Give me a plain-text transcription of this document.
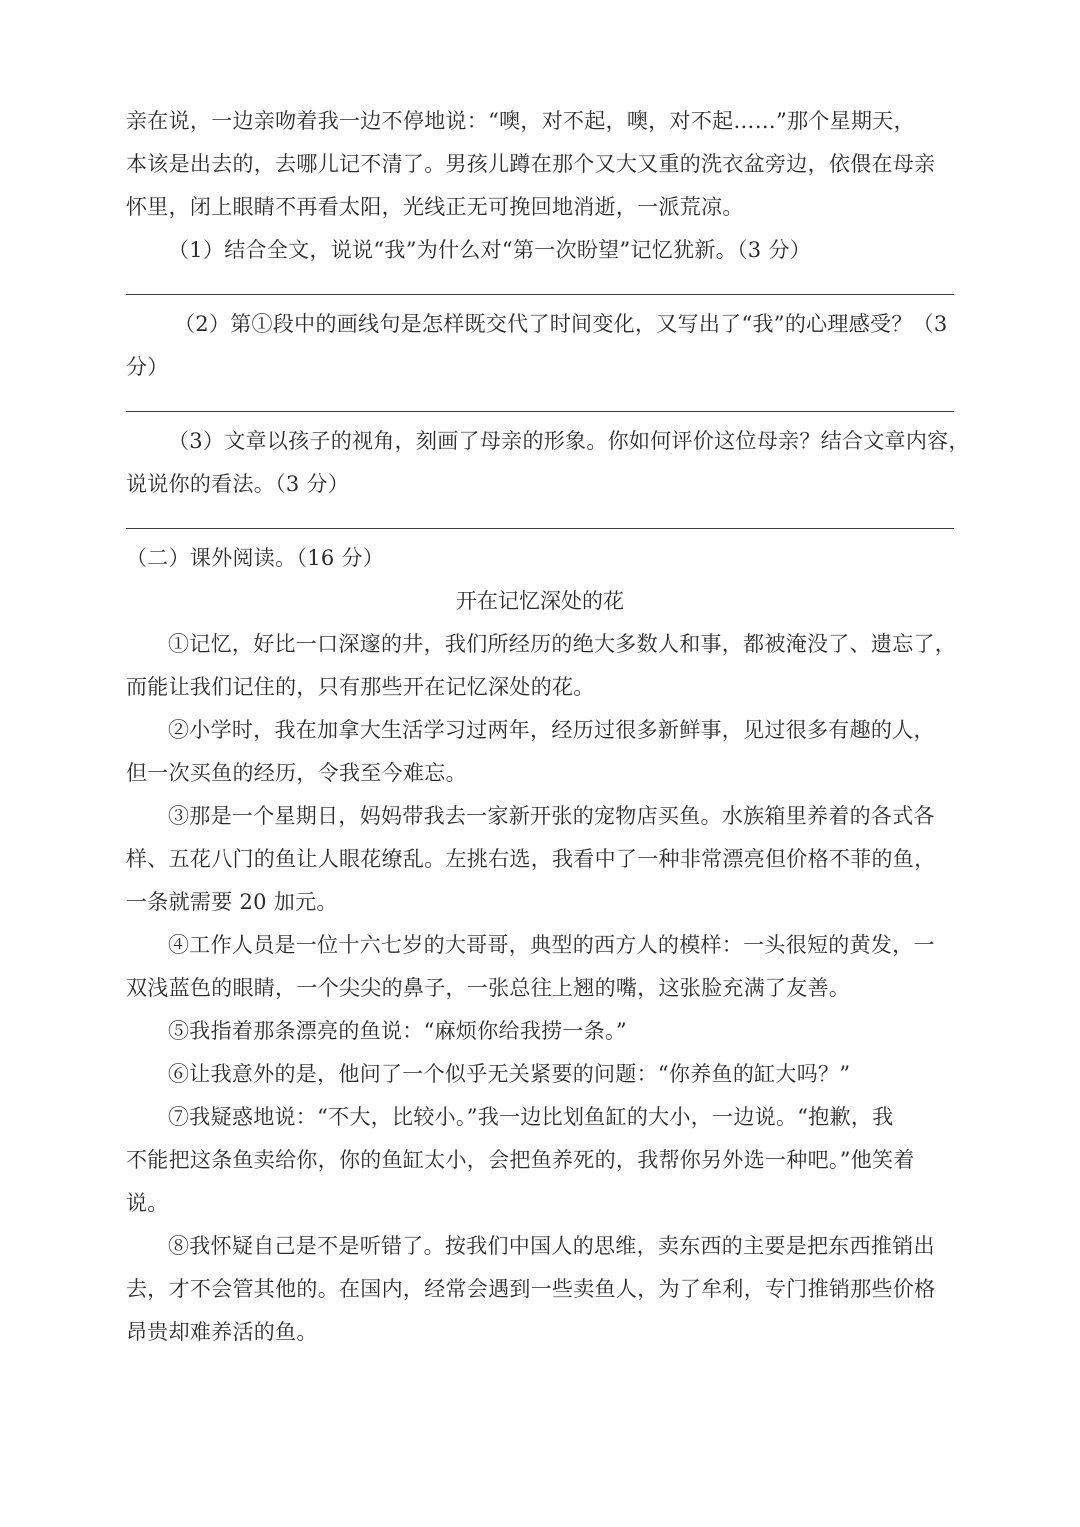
亲在说，一边亲吻着我一边不停地说：“噢，对不起，噢，对不起……”那个星期天，
本该是出去的，去哪儿记不清了。男孩儿蹲在那个又大又重的洗衣盆旁边，依偎在母亲
怀里，闭上眼睛不再看太阳，光线正无可挽回地消逝，一派荒凉。
（1）结合全文，说说“我”为什么对“第一次盼望”记忆犹新。（3 分）
（2）第①段中的画线句是怎样既交代了时间变化，又写出了“我”的心理感受？（3
分）
（3）文章以孩子的视角，刻画了母亲的形象。你如何评价这位母亲？结合文章内容，
说说你的看法。（3 分）
（二）课外阅读。（16 分）
开在记忆深处的花
①记忆，好比一口深邃的井，我们所经历的绝大多数人和事，都被淹没了、遗忘了，
而能让我们记住的，只有那些开在记忆深处的花。
②小学时，我在加拿大生活学习过两年，经历过很多新鲜事，见过很多有趣的人，
但一次买鱼的经历，令我至今难忘。
③那是一个星期日，妈妈带我去一家新开张的宠物店买鱼。水族箱里养着的各式各
样、五花八门的鱼让人眼花缭乱。左挑右选，我看中了一种非常漂亮但价格不菲的鱼，
一条就需要 20 加元。
④工作人员是一位十六七岁的大哥哥，典型的西方人的模样：一头很短的黄发，一
双浅蓝色的眼睛，一个尖尖的鼻子，一张总往上翘的嘴，这张脸充满了友善。
⑤我指着那条漂亮的鱼说：“麻烦你给我捞一条。”
⑥让我意外的是，他问了一个似乎无关紧要的问题：“你养鱼的缸大吗？”
⑦我疑惑地说：“不大，比较小。”我一边比划鱼缸的大小，一边说。“抱歉，我
不能把这条鱼卖给你，你的鱼缸太小，会把鱼养死的，我帮你另外选一种吧。”他笑着
说。
⑧我怀疑自己是不是听错了。按我们中国人的思维，卖东西的主要是把东西推销出
去，才不会管其他的。在国内，经常会遇到一些卖鱼人，为了牟利，专门推销那些价格
昂贵却难养活的鱼。
